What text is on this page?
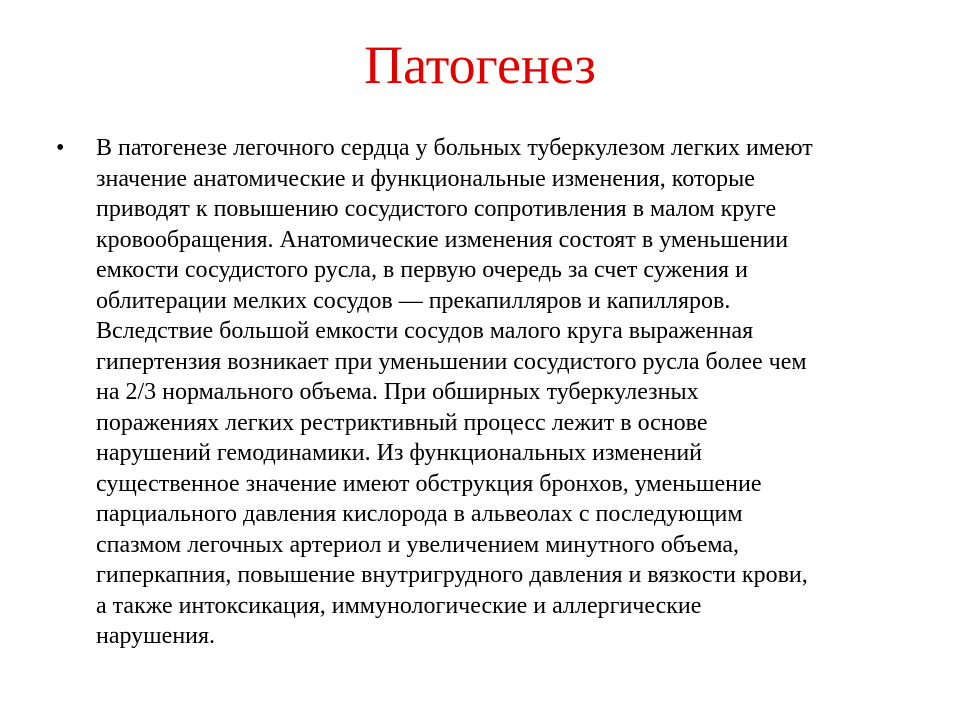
Патогенез
•	В патогенезе легочного сердца у больных туберкулезом легких имеют
значение анатомические и функциональные изменения, которые
приводят к повышению сосудистого сопротивления в малом круге
кровообращения. Анатомические изменения состоят в уменьшении
емкости сосудистого русла, в первую очередь за счет сужения и
облитерации мелких сосудов — прекапилляров и капилляров.
Вследствие большой емкости сосудов малого круга выраженная
гипертензия возникает при уменьшении сосудистого русла более чем
на 2/3 нормального объема. При обширных туберкулезных
поражениях легких рестриктивный процесс лежит в основе
нарушений гемодинамики. Из функциональных изменений
существенное значение имеют обструкция бронхов, уменьшение
парциального давления кислорода в альвеолах с последующим
спазмом легочных артериол и увеличением минутного объема,
гиперкапния, повышение внутригрудного давления и вязкости крови,
а также интоксикация, иммунологические и аллергические
нарушения.
